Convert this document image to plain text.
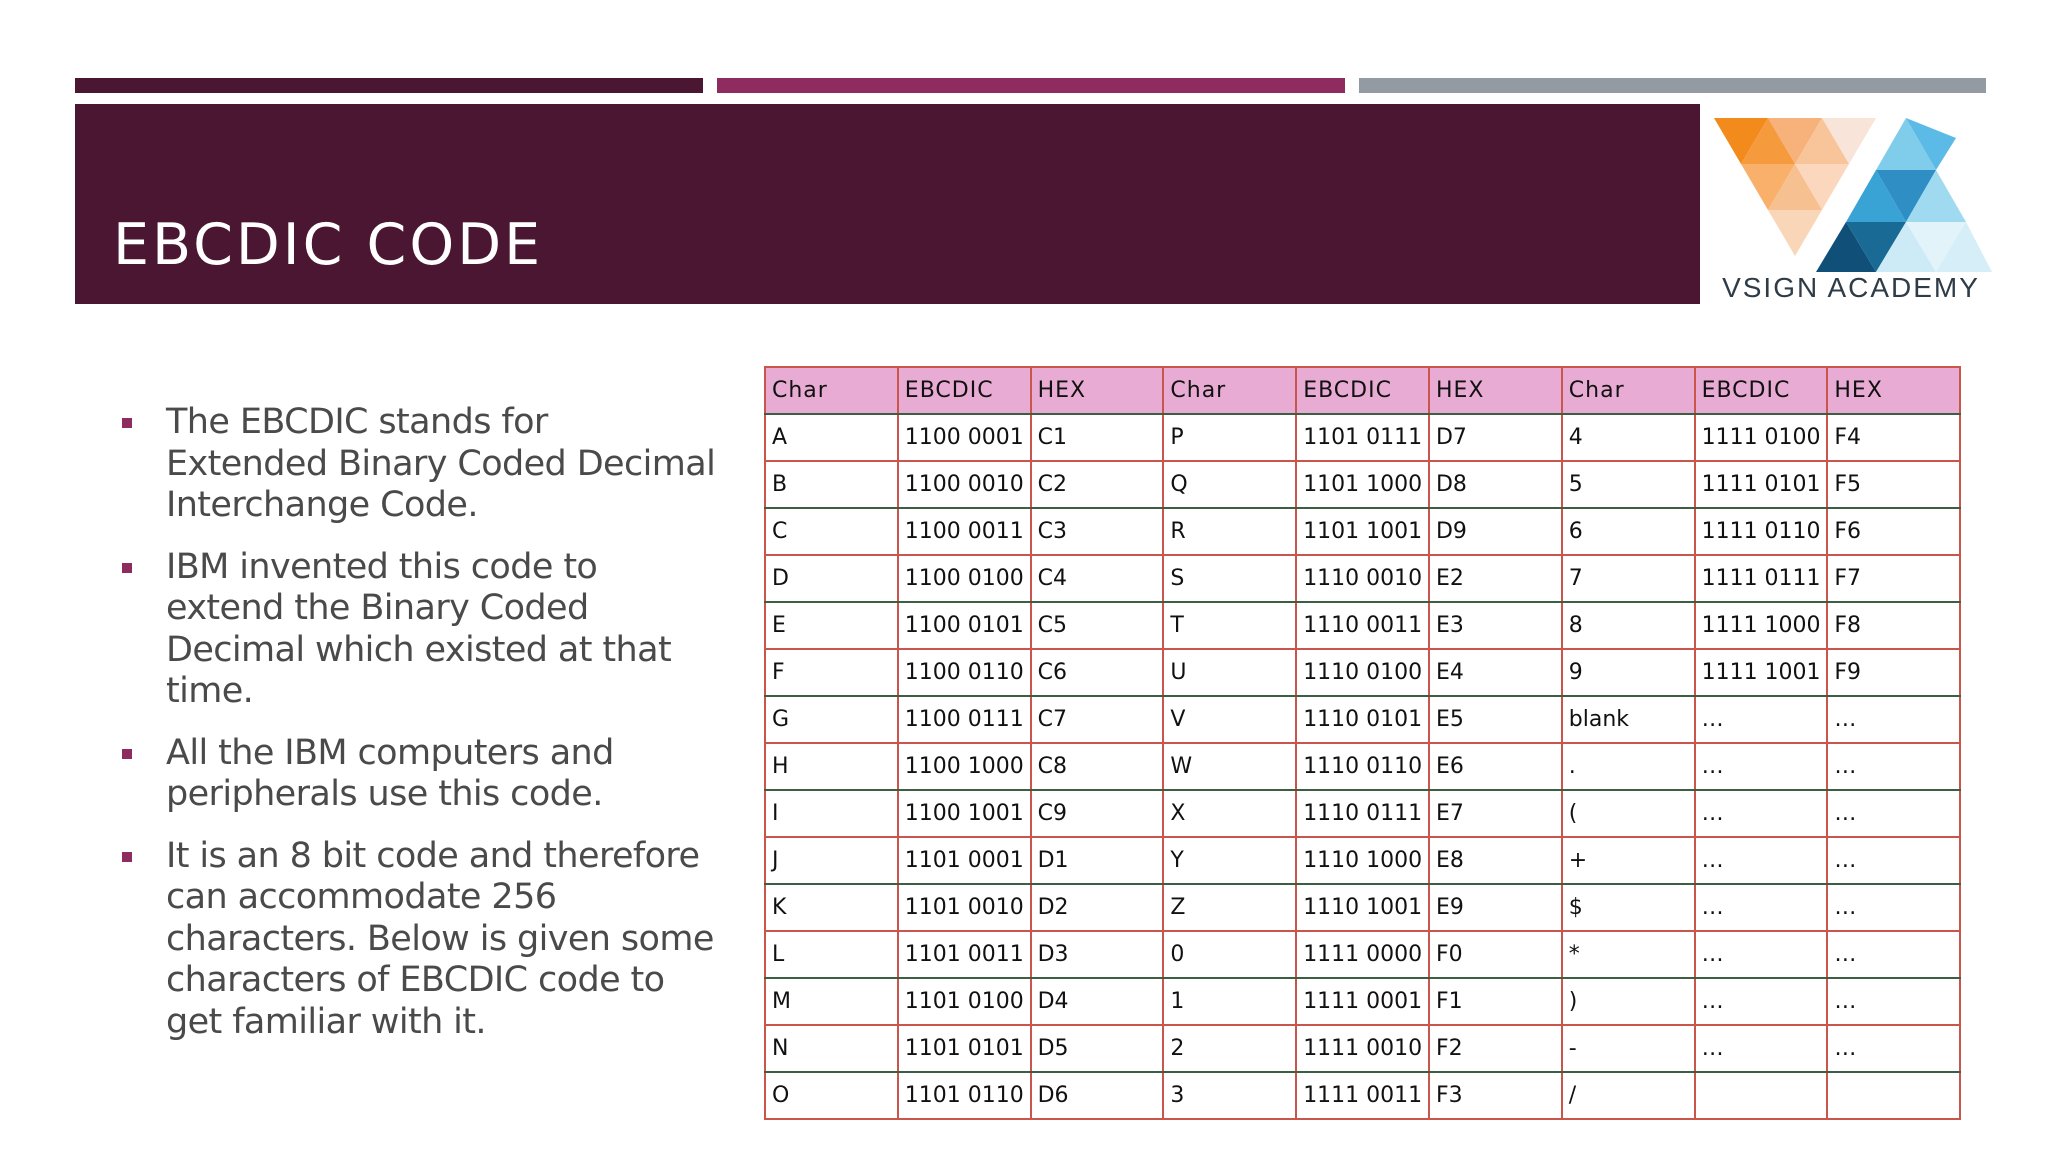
EBCDIC CODE
VSIGN ACADEMY
The EBCDIC stands for Extended Binary Coded Decimal Interchange Code.
IBM invented this code to extend the Binary Coded Decimal which existed at that time.
All the IBM computers and peripherals use this code.
It is an 8 bit code and therefore can accommodate 256 characters. Below is given some characters of EBCDIC code to get familiar with it.
Char	EBCDIC	HEX	Char	EBCDIC	HEX	Char	EBCDIC	HEX
A	1100 0001	C1	P	1101 0111	D7	4	1111 0100	F4
B	1100 0010	C2	Q	1101 1000	D8	5	1111 0101	F5
C	1100 0011	C3	R	1101 1001	D9	6	1111 0110	F6
D	1100 0100	C4	S	1110 0010	E2	7	1111 0111	F7
E	1100 0101	C5	T	1110 0011	E3	8	1111 1000	F8
F	1100 0110	C6	U	1110 0100	E4	9	1111 1001	F9
G	1100 0111	C7	V	1110 0101	E5	blank	…	…
H	1100 1000	C8	W	1110 0110	E6	.	…	…
I	1100 1001	C9	X	1110 0111	E7	(	…	…
J	1101 0001	D1	Y	1110 1000	E8	+	…	…
K	1101 0010	D2	Z	1110 1001	E9	$	…	…
L	1101 0011	D3	0	1111 0000	F0	*	…	…
M	1101 0100	D4	1	1111 0001	F1	)	…	…
N	1101 0101	D5	2	1111 0010	F2	-	…	…
O	1101 0110	D6	3	1111 0011	F3	/		
